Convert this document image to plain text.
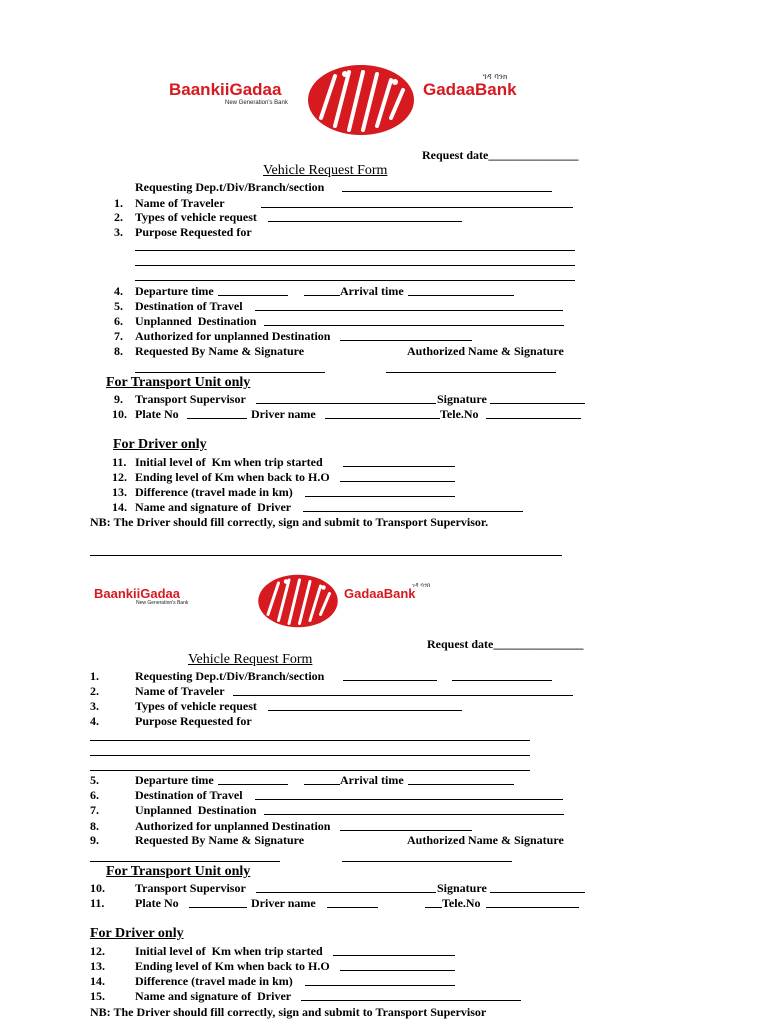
BaankiiGadaa
New Generation's Bank
ገዳ ባንክ
GadaaBank
Request date_______________
Vehicle Request Form
Requesting Dep.t/Div/Branch/section
1. Name of Traveler
2. Types of vehicle request
3. Purpose Requested for
4. Departure time	Arrival time
5. Destination of Travel
6. Unplanned  Destination
7. Authorized for unplanned Destination
8. Requested By Name & Signature	Authorized Name & Signature
For Transport Unit only
9. Transport Supervisor	Signature
10. Plate No	Driver name	Tele.No
For Driver only
11. Initial level of  Km when trip started
12. Ending level of Km when back to H.O
13. Difference (travel made in km)
14. Name and signature of  Driver
NB: The Driver should fill correctly, sign and submit to Transport Supervisor.
BaankiiGadaa
New Generation's Bank
ገዳ ባንክ
GadaaBank
Request date_______________
Vehicle Request Form
1.	Requesting Dep.t/Div/Branch/section
2.	Name of Traveler
3.	Types of vehicle request
4.	Purpose Requested for
5.	Departure time	Arrival time
6.	Destination of Travel
7.	Unplanned  Destination
8.	Authorized for unplanned Destination
9.	Requested By Name & Signature	Authorized Name & Signature
For Transport Unit only
10.	Transport Supervisor	Signature
11.	Plate No	Driver name	Tele.No
For Driver only
12.	Initial level of  Km when trip started
13.	Ending level of Km when back to H.O
14.	Difference (travel made in km)
15.	Name and signature of  Driver
NB: The Driver should fill correctly, sign and submit to Transport Supervisor
